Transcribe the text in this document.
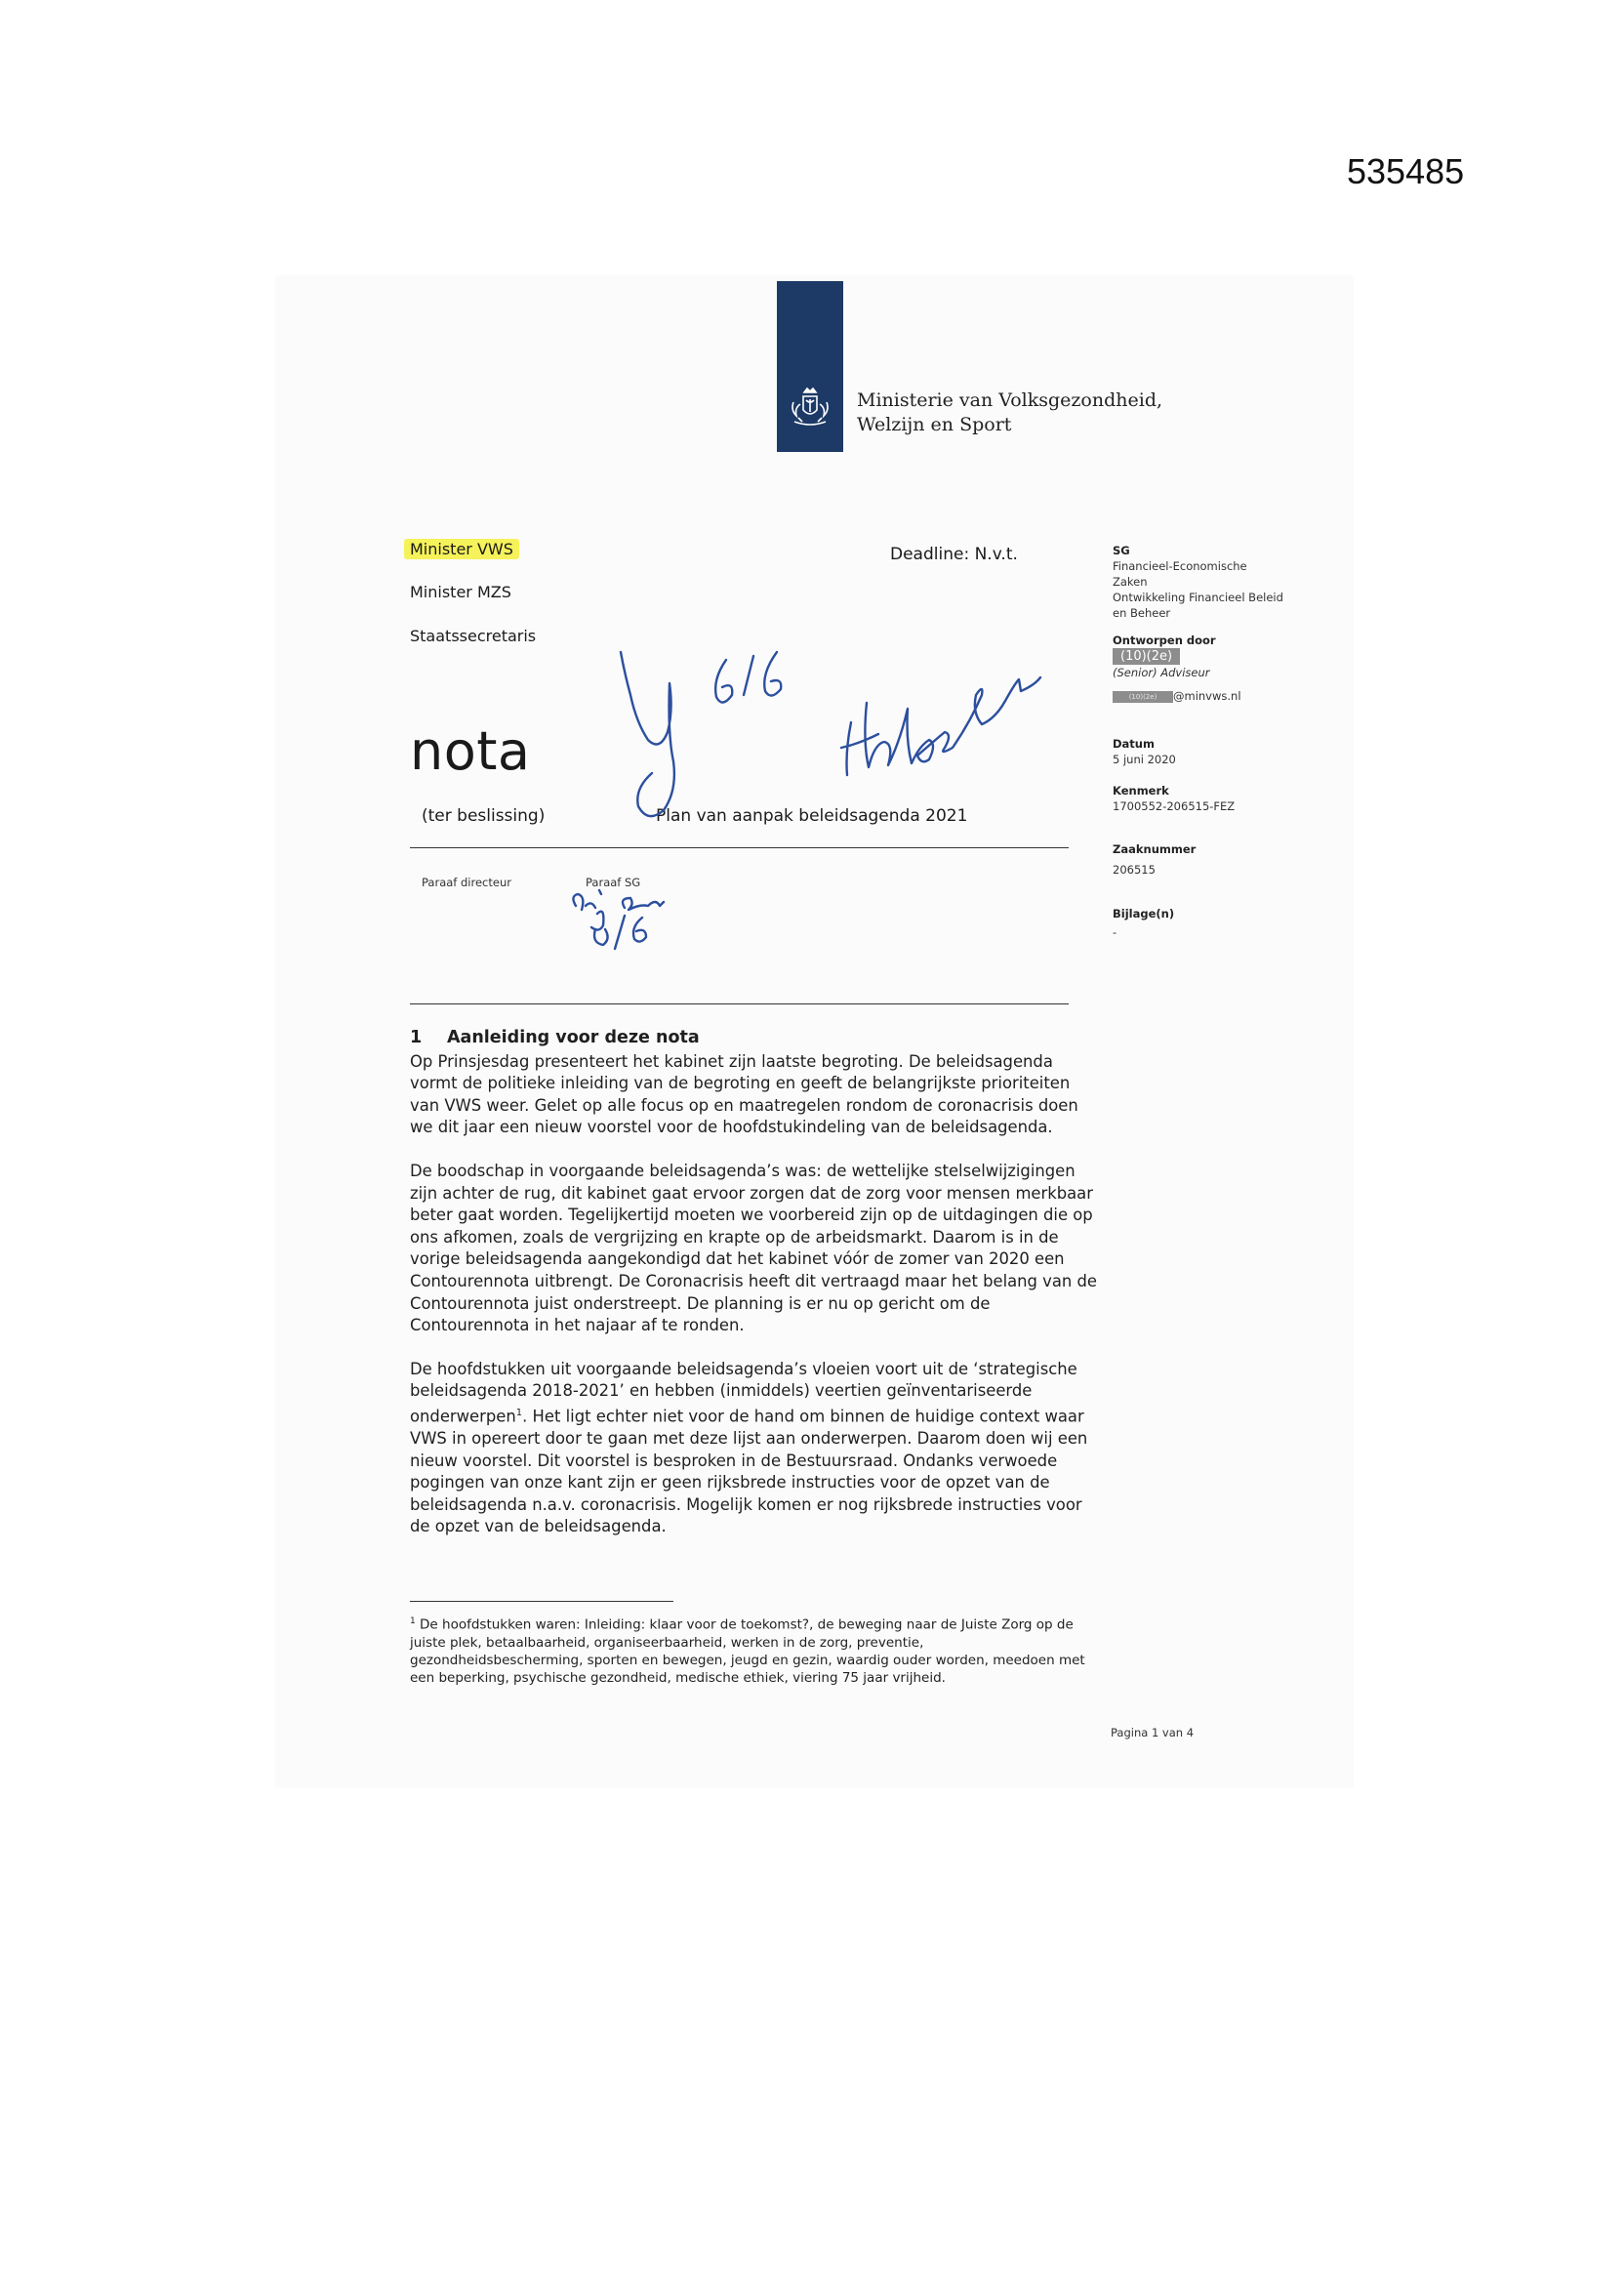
535485
Ministerie van Volksgezondheid,
Welzijn en Sport
Minister VWS
Minister MZS
Staatssecretaris
Deadline: N.v.t.	SG
Financieel-Economische
Zaken
Ontwikkeling Financieel Beleid
en Beheer
Ontworpen door
(10)(2e)
(Senior) Adviseur
(10)(2e) @minvws.nl
Datum
5 juni 2020
Kenmerk
1700552-206515-FEZ
Zaaknummer
206515
Bijlage(n)
-
nota
(ter beslissing)	Plan van aanpak beleidsagenda 2021
Paraaf directeur	Paraaf SG
1 Aanleiding voor deze nota

Op Prinsjesdag presenteert het kabinet zijn laatste begroting. De beleidsagenda vormt de politieke inleiding van de begroting en geeft de belangrijkste prioriteiten van VWS weer. Gelet op alle focus op en maatregelen rondom de coronacrisis doen we dit jaar een nieuw voorstel voor de hoofdstukindeling van de beleidsagenda.

De boodschap in voorgaande beleidsagenda’s was: de wettelijke stelselwijzigingen zijn achter de rug, dit kabinet gaat ervoor zorgen dat de zorg voor mensen merkbaar beter gaat worden. Tegelijkertijd moeten we voorbereid zijn op de uitdagingen die op ons afkomen, zoals de vergrijzing en krapte op de arbeidsmarkt. Daarom is in de vorige beleidsagenda aangekondigd dat het kabinet vóór de zomer van 2020 een Contourennota uitbrengt. De Coronacrisis heeft dit vertraagd maar het belang van de Contourennota juist onderstreept. De planning is er nu op gericht om de Contourennota in het najaar af te ronden.

De hoofdstukken uit voorgaande beleidsagenda’s vloeien voort uit de ‘strategische beleidsagenda 2018-2021’ en hebben (inmiddels) veertien geïnventariseerde onderwerpen$^1$. Het ligt echter niet voor de hand om binnen de huidige context waar VWS in opereert door te gaan met deze lijst aan onderwerpen. Daarom doen wij een nieuw voorstel. Dit voorstel is besproken in de Bestuursraad. Ondanks verwoede pogingen van onze kant zijn er geen rijksbrede instructies voor de opzet van de beleidsagenda n.a.v. coronacrisis. Mogelijk komen er nog rijksbrede instructies voor de opzet van de beleidsagenda.

$^1$ De hoofdstukken waren: Inleiding: klaar voor de toekomst?, de beweging naar de Juiste Zorg op de juiste plek, betaalbaarheid, organiseerbaarheid, werken in de zorg, preventie, gezondheidsbescherming, sporten en bewegen, jeugd en gezin, waardig ouder worden, meedoen met een beperking, psychische gezondheid, medische ethiek, viering 75 jaar vrijheid.
Pagina 1 van 4
